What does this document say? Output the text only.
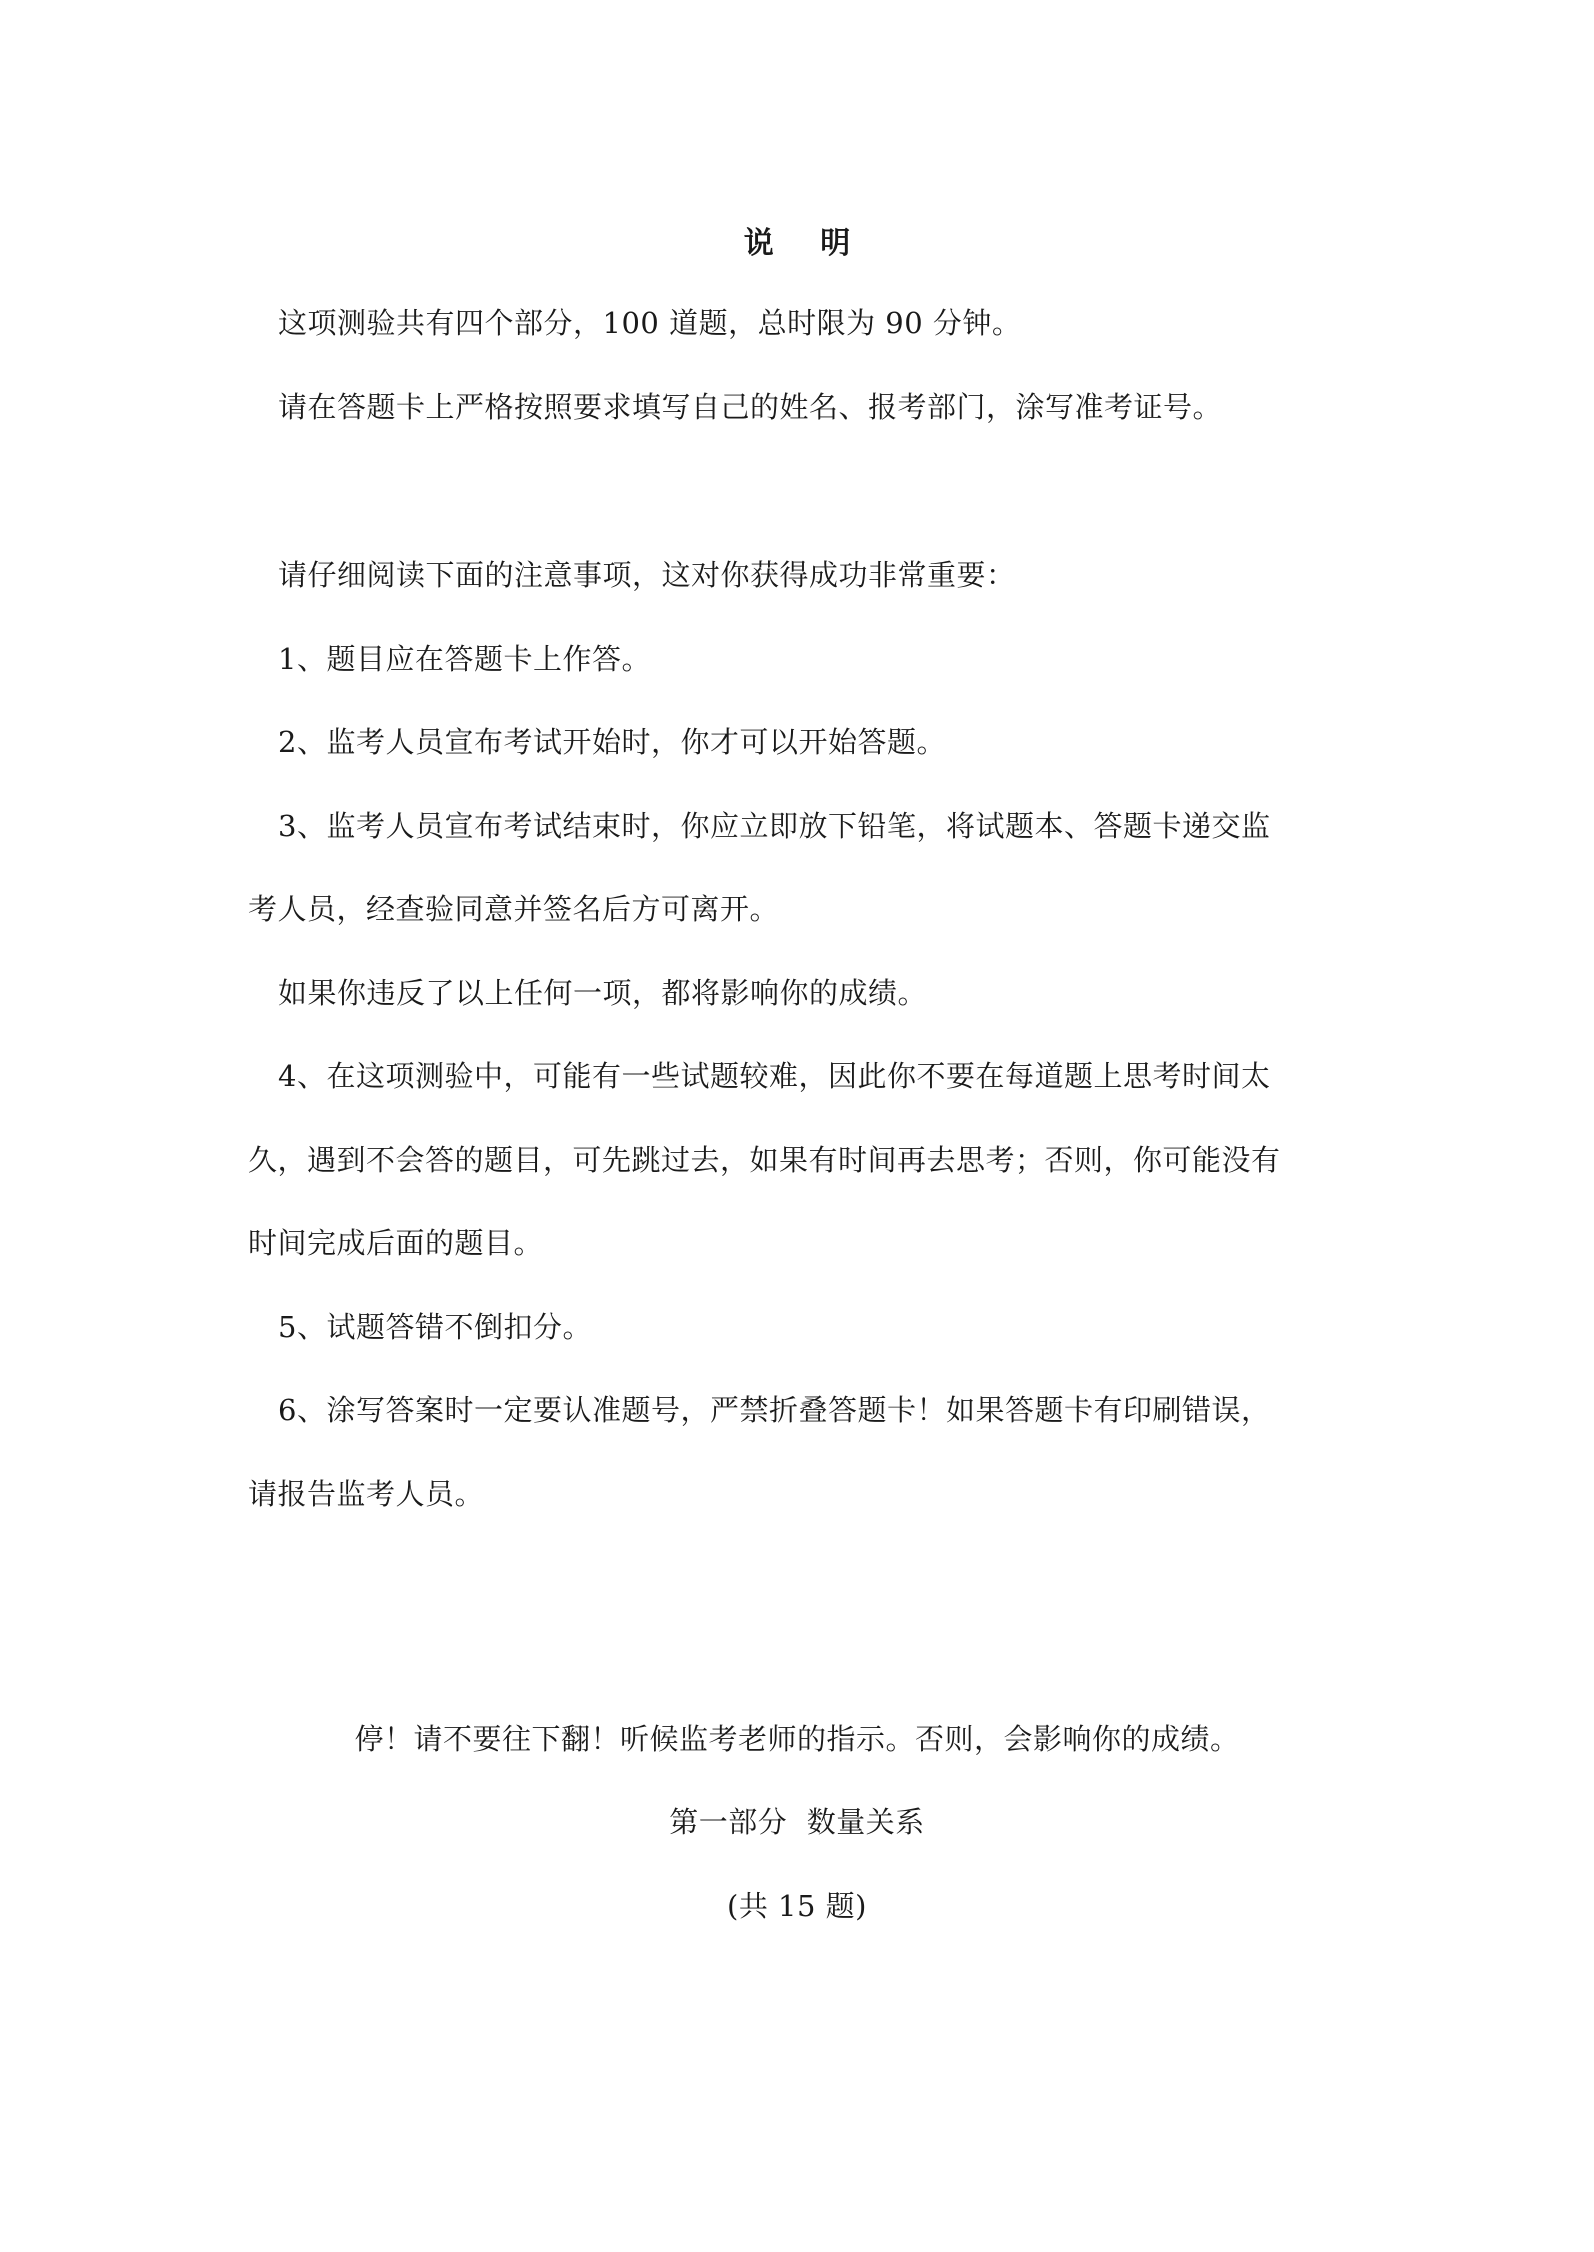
说 明
这项测验共有四个部分，100 道题，总时限为 90 分钟。
请在答题卡上严格按照要求填写自己的姓名、报考部门，涂写准考证号。
请仔细阅读下面的注意事项，这对你获得成功非常重要：
1、题目应在答题卡上作答。
2、监考人员宣布考试开始时，你才可以开始答题。
3、监考人员宣布考试结束时，你应立即放下铅笔，将试题本、答题卡递交监
考人员，经查验同意并签名后方可离开。
如果你违反了以上任何一项，都将影响你的成绩。
4、在这项测验中，可能有一些试题较难，因此你不要在每道题上思考时间太
久，遇到不会答的题目，可先跳过去，如果有时间再去思考；否则，你可能没有
时间完成后面的题目。
5、试题答错不倒扣分。
6、涂写答案时一定要认准题号，严禁折叠答题卡！如果答题卡有印刷错误，
请报告监考人员。
停！请不要往下翻！听候监考老师的指示。否则，会影响你的成绩。
第一部分  数量关系
(共 15 题)
